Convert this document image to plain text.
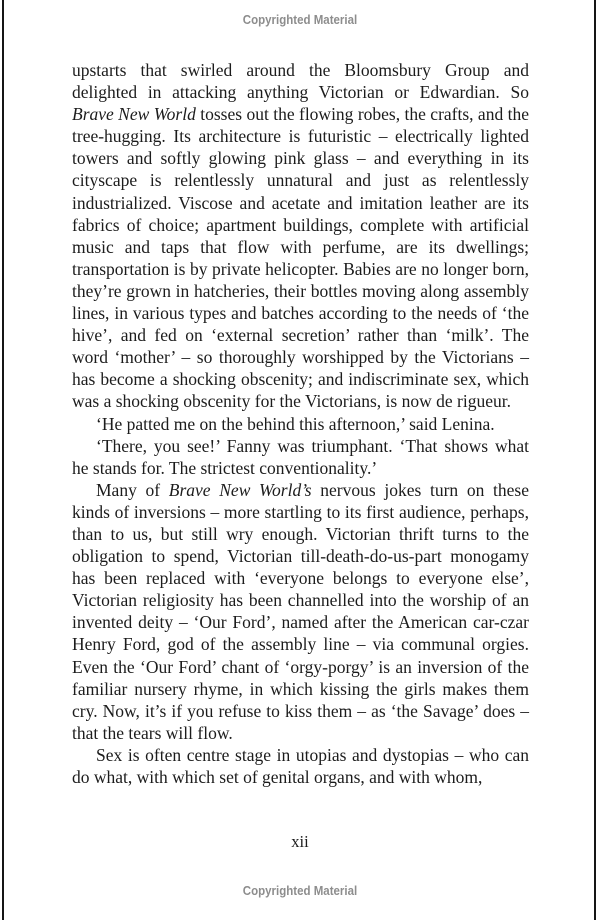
Copyrighted Material

upstarts that swirled around the Bloomsbury Group and delighted in attacking anything Victorian or Edwardian. So Brave New World tosses out the flowing robes, the crafts, and the tree-hugging. Its architecture is futuristic – electrically lighted towers and softly glowing pink glass – and everything in its cityscape is relentlessly unnatural and just as relentlessly industrialized. Viscose and acetate and imitation leather are its fabrics of choice; apartment buildings, complete with artificial music and taps that flow with perfume, are its dwellings; transportation is by private helicopter. Babies are no longer born, they’re grown in hatcheries, their bottles moving along assembly lines, in various types and batches according to the needs of ‘the hive’, and fed on ‘external secretion’ rather than ‘milk’. The word ‘mother’ – so thoroughly worshipped by the Victorians – has become a shocking obscenity; and indiscriminate sex, which was a shocking obscenity for the Victorians, is now de rigueur.

‘He patted me on the behind this afternoon,’ said Lenina.

‘There, you see!’ Fanny was triumphant. ‘That shows what he stands for. The strictest conventionality.’

Many of Brave New World’s nervous jokes turn on these kinds of inversions – more startling to its first audience, perhaps, than to us, but still wry enough. Victorian thrift turns to the obligation to spend, Victorian till-death-do-us-part monogamy has been replaced with ‘everyone belongs to everyone else’, Victorian religiosity has been channelled into the worship of an invented deity – ‘Our Ford’, named after the American car-czar Henry Ford, god of the assembly line – via communal orgies. Even the ‘Our Ford’ chant of ‘orgy-porgy’ is an inversion of the familiar nursery rhyme, in which kissing the girls makes them cry. Now, it’s if you refuse to kiss them – as ‘the Savage’ does – that the tears will flow.

Sex is often centre stage in utopias and dystopias – who can do what, with which set of genital organs, and with whom,

xii
Copyrighted Material
